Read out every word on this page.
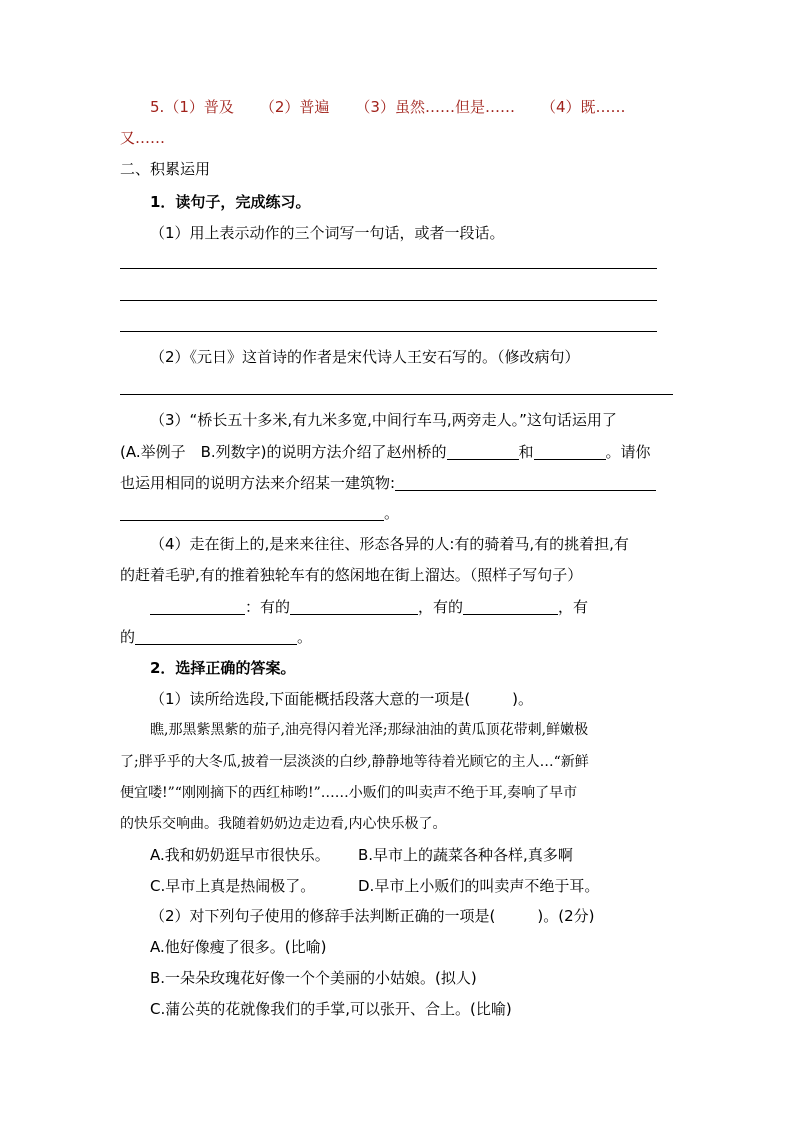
5.（1）普及 （2）普遍 （3）虽然……但是…… （4）既……
又……
二、积累运用
1．读句子，完成练习。
（1）用上表示动作的三个词写一句话，或者一段话。
（2）《元日》这首诗的作者是宋代诗人王安石写的。（修改病句）
（3）“桥长五十多米,有九米多宽,中间行车马,两旁走人。”这句话运用了
(A.举例子　B.列数字)的说明方法介绍了赵州桥的	和	。请你
也运用相同的说明方法来介绍某一建筑物:
。
（4）走在街上的,是来来往往、形态各异的人:有的骑着马,有的挑着担,有
的赶着毛驴,有的推着独轮车有的悠闲地在街上溜达。（照样子写句子）
：有的	，有的	，有
的	。
2．选择正确的答案。
（1）读所给选段,下面能概括段落大意的一项是(	)。
瞧,那黑紫黑紫的茄子,油亮得闪着光泽;那绿油油的黄瓜顶花带刺,鲜嫩极
了;胖乎乎的大冬瓜,披着一层淡淡的白纱,静静地等待着光顾它的主人…“新鲜
便宜喽!”“刚刚摘下的西红柿哟!”……小贩们的叫卖声不绝于耳,奏响了早市
的快乐交响曲。我随着奶奶边走边看,内心快乐极了。
A.我和奶奶逛早市很快乐。 B.早市上的蔬菜各种各样,真多啊
C.早市上真是热闹极了。	D.早市上小贩们的叫卖声不绝于耳。
（2）对下列句子使用的修辞手法判断正确的一项是(	)。(2分)
A.他好像瘦了很多。(比喻)
B.一朵朵玫瑰花好像一个个美丽的小姑娘。(拟人)
C.蒲公英的花就像我们的手掌,可以张开、合上。(比喻)
